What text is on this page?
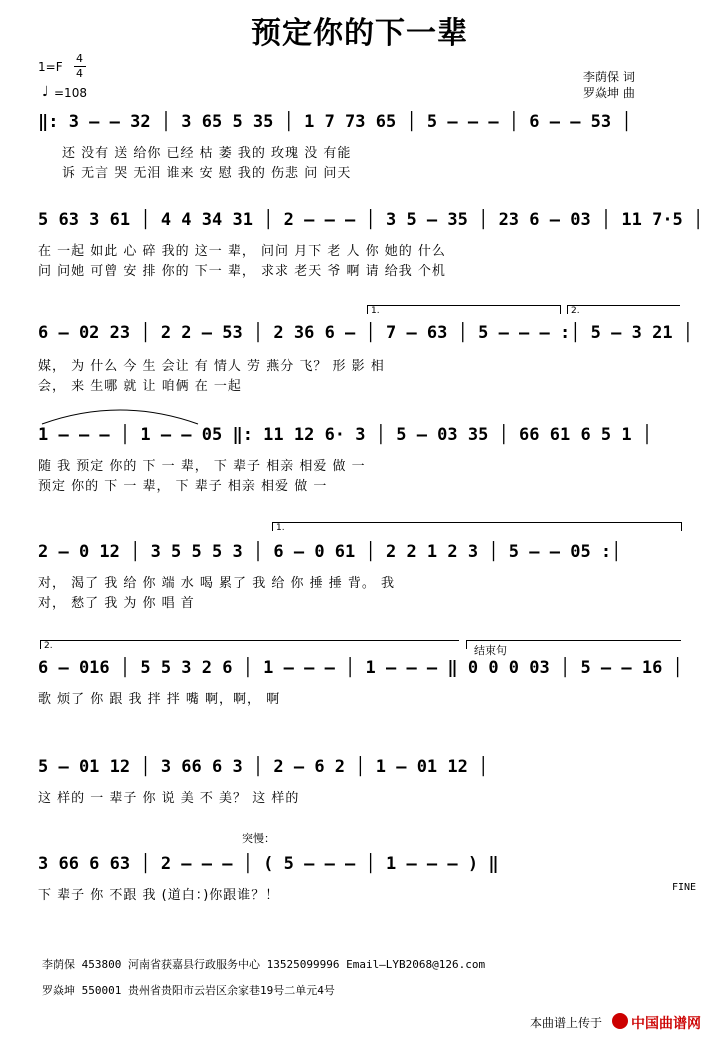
预定你的下一辈
1=F
4
4
♩ =108
李荫保 词
罗焱坤 曲
‖: 3 – – 32 │ 3 65 5 35 │ 1 7 73 65 │ 5 – – – │ 6 – – 53 │
还 没有 送 给你 已经 枯 萎 我的 玫瑰 没 有能
诉 无言 哭 无泪 谁来 安 慰 我的 伤悲 问 问天
5 63 3 61 │ 4 4 34 31 │ 2 – – – │ 3 5 – 35 │ 23 6 – 03 │ 11 7·5 │
在 一起 如此 心 碎 我的 这一 辈， 问问 月下 老 人 你 她的 什么
问 问她 可曾 安 排 你的 下一 辈， 求求 老天 爷 啊 请 给我 个机
1.	2.
6 – 02 23 │ 2 2 – 53 │ 2 36 6 – │ 7 – 63 │ 5 – – – :│ 5 – 3 21 │
媒， 为 什么 今 生 会让 有 情人 劳 燕分 飞？ 形 影 相
会， 来 生哪 就 让 咱俩 在 一起
1 – – – │ 1 – – 05 ‖: 11 12 6· 3 │ 5 – 03 35 │ 66 61 6 5 1 │
随 我 预定 你的 下 一 辈， 下 辈子 相亲 相爱 做 一
预定 你的 下 一 辈， 下 辈子 相亲 相爱 做 一
1.
2 – 0 12 │ 3 5 5 5 3 │ 6 – 0 61 │ 2 2 1 2 3 │ 5 – – 05 :│
对， 渴了 我 给 你 端 水 喝 累了 我 给 你 捶 捶 背。 我
对， 愁了 我 为 你 唱 首
2.	结束句
6 – 016 │ 5 5 3 2 6 │ 1 – – – │ 1 – – – ‖ 0 0 0 03 │ 5 – – 16 │
歌 烦了 你 跟 我 拌 拌 嘴 啊，啊， 啊
5 – 01 12 │ 3 66 6 3 │ 2 – 6 2 │ 1 – 01 12 │
这 样的 一 辈子 你 说 美 不 美？ 这 样的
突慢：
3 66 6 63 │ 2 – – – │ ( 5 – – – │ 1 – – – ) ‖
下 辈子 你 不跟 我 (道白：)你跟谁？！
FINE
李荫保 453800 河南省获嘉县行政服务中心 13525099996 Email—LYB2068@126.com
罗焱坤 550001 贵州省贵阳市云岩区余家巷19号二单元4号
本曲谱上传于 中国曲谱网
